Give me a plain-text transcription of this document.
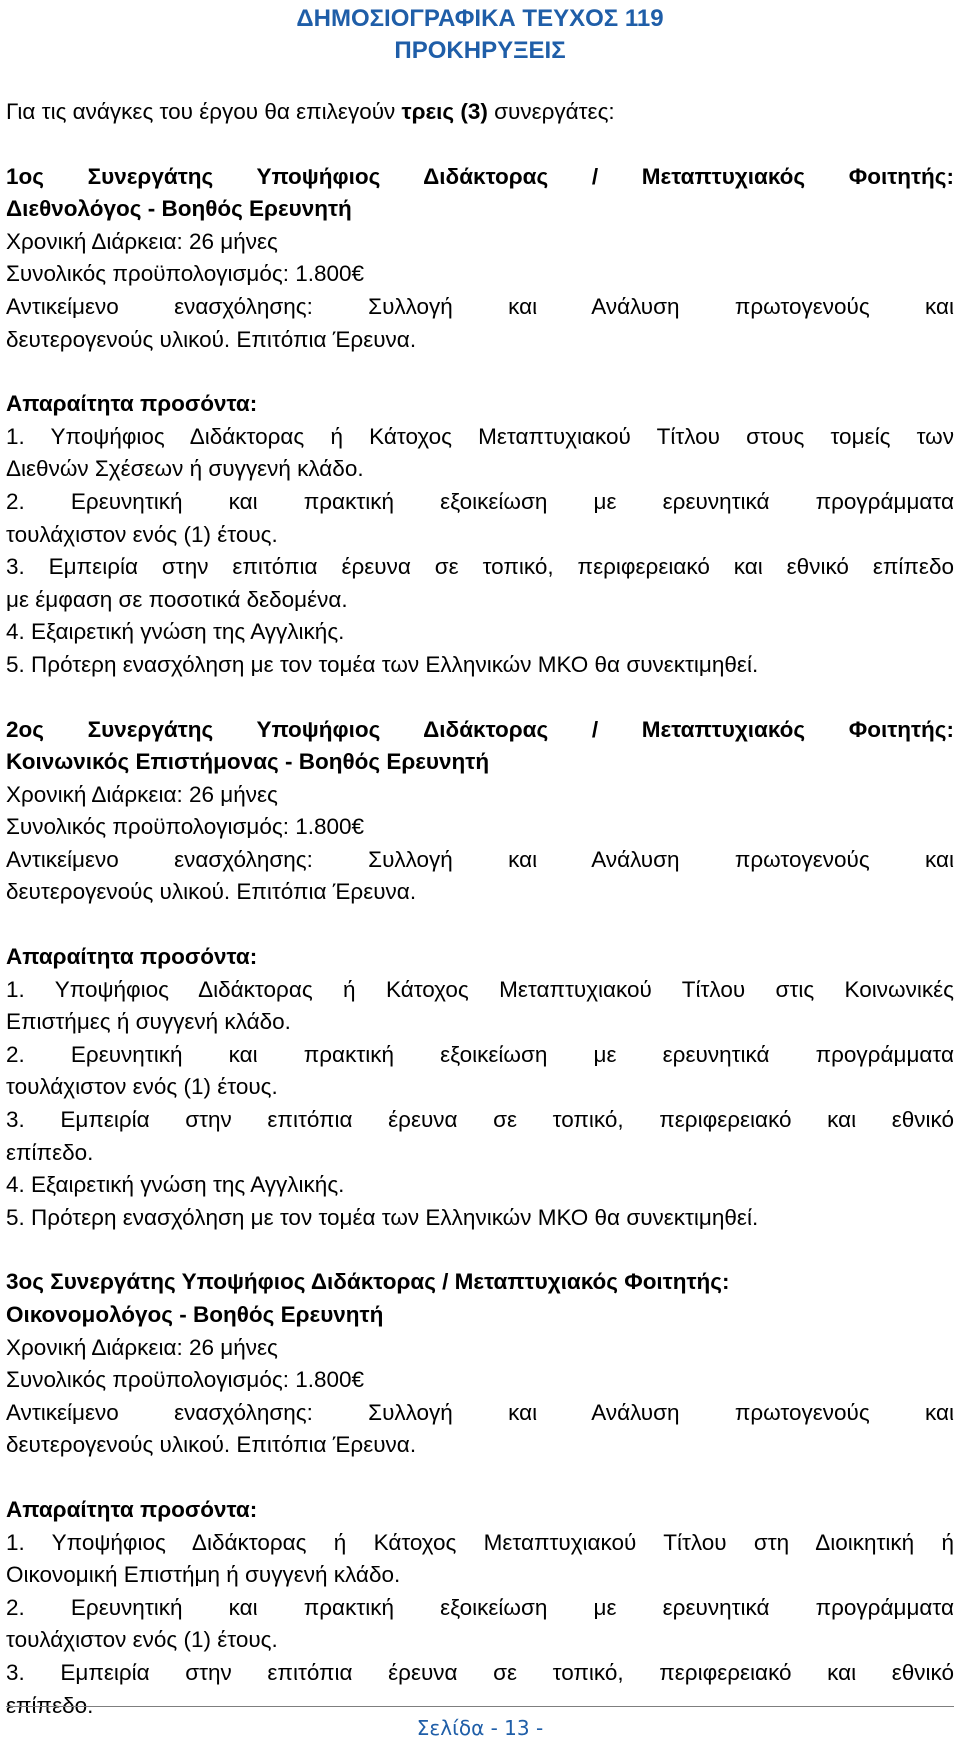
ΔΗΜΟΣΙΟΓΡΑΦΙΚΑ ΤΕΥΧΟΣ 119
ΠΡΟΚΗΡΥΞΕΙΣ

Για τις ανάγκες του έργου θα επιλεγούν τρεις (3) συνεργάτες:

1ος Συνεργάτης Υποψήφιος Διδάκτορας / Μεταπτυχιακός Φοιτητής:

Διεθνολόγος - Βοηθός Ερευνητή

Χρονική Διάρκεια: 26 μήνες

Συνολικός προϋπολογισμός: 1.800€

Αντικείμενο ενασχόλησης: Συλλογή και Ανάλυση πρωτογενούς και

δευτερογενούς υλικού. Επιτόπια Έρευνα.

Απαραίτητα προσόντα:

1. Υποψήφιος Διδάκτορας ή Κάτοχος Μεταπτυχιακού Τίτλου στους τομείς των

Διεθνών Σχέσεων ή συγγενή κλάδο.

2. Ερευνητική και πρακτική εξοικείωση με ερευνητικά προγράμματα

τουλάχιστον ενός (1) έτους.

3. Εμπειρία στην επιτόπια έρευνα σε τοπικό, περιφερειακό και εθνικό επίπεδο

με έμφαση σε ποσοτικά δεδομένα.

4. Εξαιρετική γνώση της Αγγλικής.

5. Πρότερη ενασχόληση με τον τομέα των Ελληνικών ΜΚΟ θα συνεκτιμηθεί.

2ος Συνεργάτης Υποψήφιος Διδάκτορας / Μεταπτυχιακός Φοιτητής:

Κοινωνικός Επιστήμονας - Βοηθός Ερευνητή

Χρονική Διάρκεια: 26 μήνες

Συνολικός προϋπολογισμός: 1.800€

Αντικείμενο ενασχόλησης: Συλλογή και Ανάλυση πρωτογενούς και

δευτερογενούς υλικού. Επιτόπια Έρευνα.

Απαραίτητα προσόντα:

1. Υποψήφιος Διδάκτορας ή Κάτοχος Μεταπτυχιακού Τίτλου στις Κοινωνικές

Επιστήμες ή συγγενή κλάδο.

2. Ερευνητική και πρακτική εξοικείωση με ερευνητικά προγράμματα

τουλάχιστον ενός (1) έτους.

3. Εμπειρία στην επιτόπια έρευνα σε τοπικό, περιφερειακό και εθνικό

επίπεδο.

4. Εξαιρετική γνώση της Αγγλικής.

5. Πρότερη ενασχόληση με τον τομέα των Ελληνικών ΜΚΟ θα συνεκτιμηθεί.

3ος Συνεργάτης Υποψήφιος Διδάκτορας / Μεταπτυχιακός Φοιτητής:

Οικονομολόγος - Βοηθός Ερευνητή

Χρονική Διάρκεια: 26 μήνες

Συνολικός προϋπολογισμός: 1.800€

Αντικείμενο ενασχόλησης: Συλλογή και Ανάλυση πρωτογενούς και

δευτερογενούς υλικού. Επιτόπια Έρευνα.

Απαραίτητα προσόντα:

1. Υποψήφιος Διδάκτορας ή Κάτοχος Μεταπτυχιακού Τίτλου στη Διοικητική ή

Οικονομική Επιστήμη ή συγγενή κλάδο.

2. Ερευνητική και πρακτική εξοικείωση με ερευνητικά προγράμματα

τουλάχιστον ενός (1) έτους.

3. Εμπειρία στην επιτόπια έρευνα σε τοπικό, περιφερειακό και εθνικό

επίπεδο.

Σελίδα - 13 -
